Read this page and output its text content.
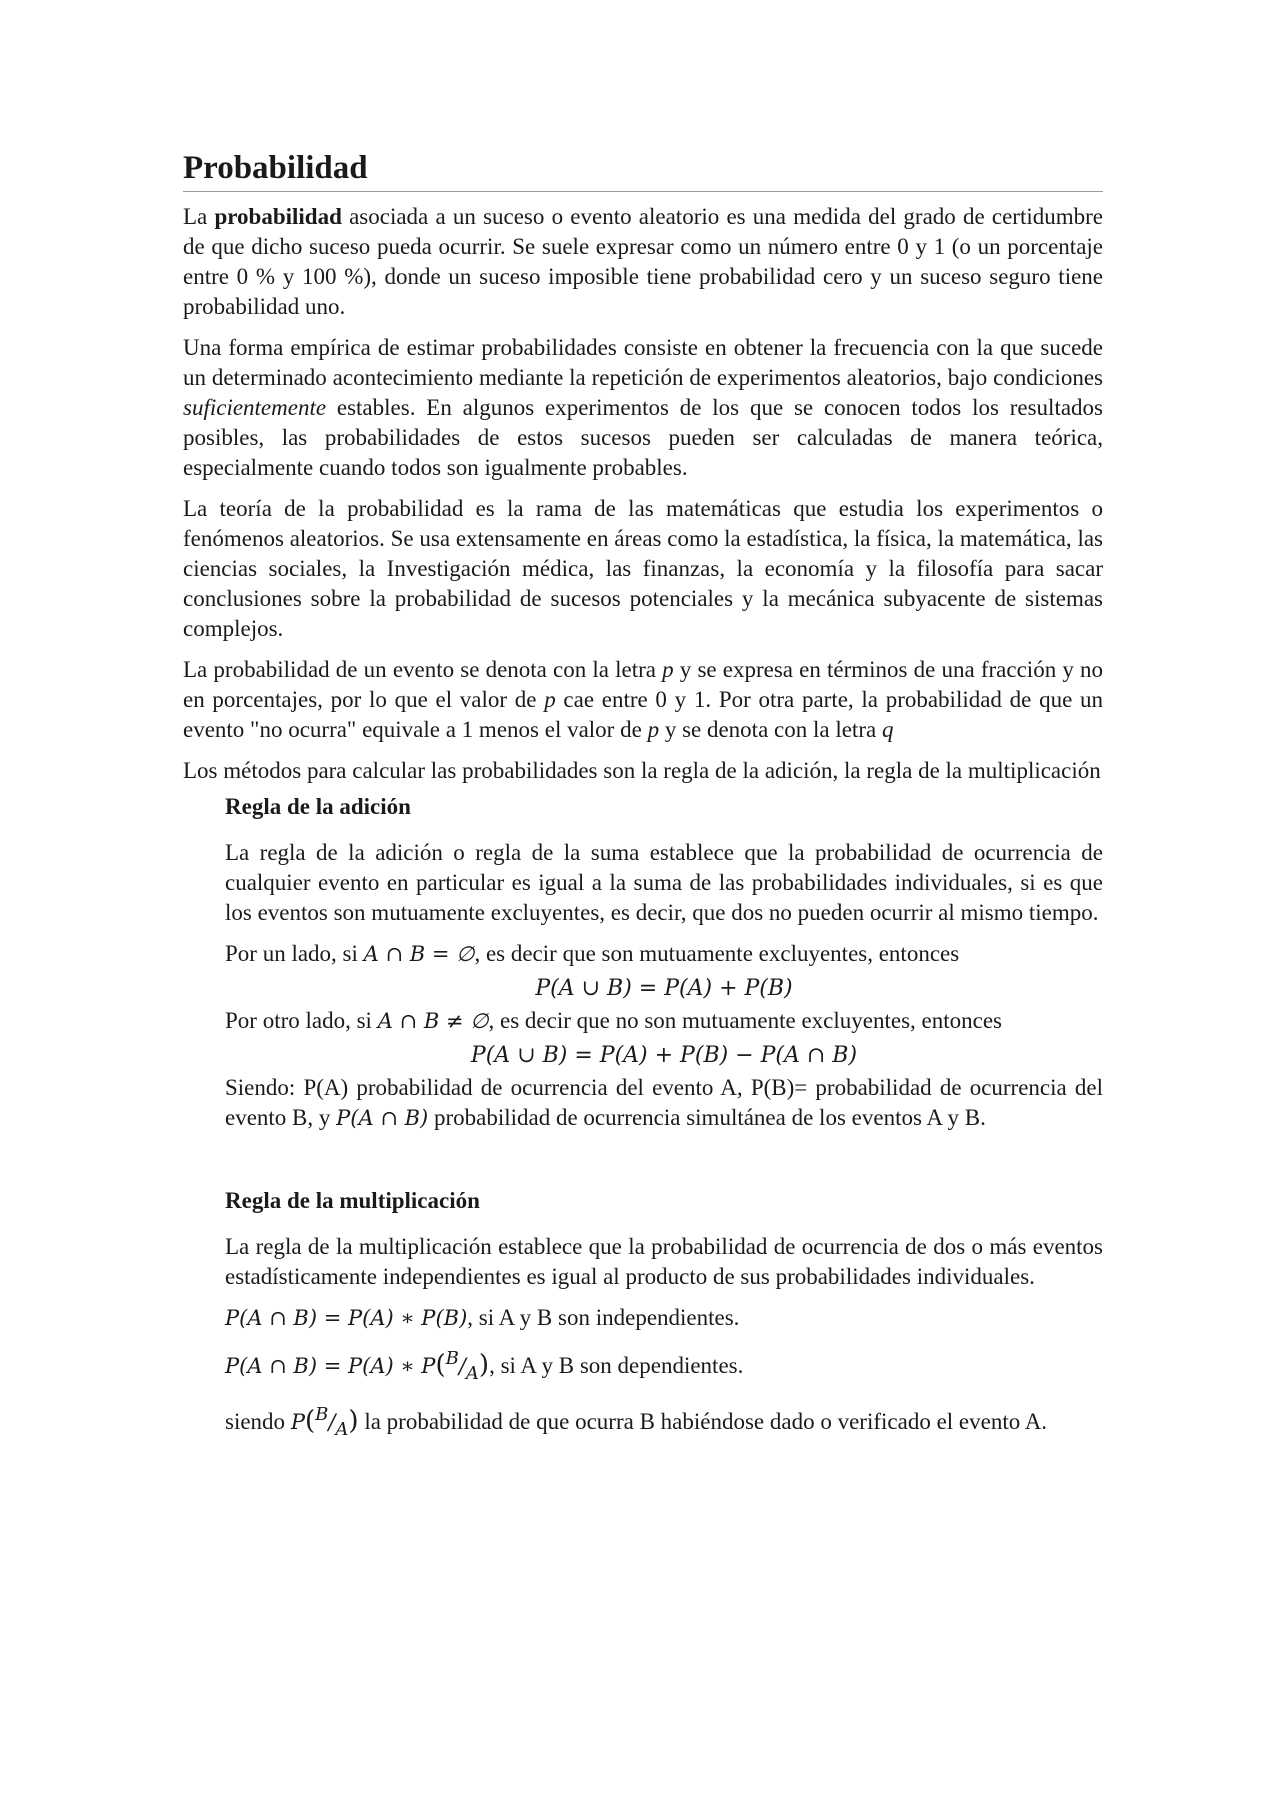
Probabilidad

La probabilidad asociada a un suceso o evento aleatorio es una medida del grado de certidumbre de que dicho suceso pueda ocurrir. Se suele expresar como un número entre 0 y 1 (o un porcentaje entre 0 % y 100 %), donde un suceso imposible tiene probabilidad cero y un suceso seguro tiene probabilidad uno.

Una forma empírica de estimar probabilidades consiste en obtener la frecuencia con la que sucede un determinado acontecimiento mediante la repetición de experimentos aleatorios, bajo condiciones suficientemente estables. En algunos experimentos de los que se conocen todos los resultados posibles, las probabilidades de estos sucesos pueden ser calculadas de manera teórica, especialmente cuando todos son igualmente probables.

La teoría de la probabilidad es la rama de las matemáticas que estudia los experimentos o fenómenos aleatorios. Se usa extensamente en áreas como la estadística, la física, la matemática, las ciencias sociales, la Investigación médica, las finanzas, la economía y la filosofía para sacar conclusiones sobre la probabilidad de sucesos potenciales y la mecánica subyacente de sistemas complejos.

La probabilidad de un evento se denota con la letra p y se expresa en términos de una fracción y no en porcentajes, por lo que el valor de p cae entre 0 y 1. Por otra parte, la probabilidad de que un evento "no ocurra" equivale a 1 menos el valor de p y se denota con la letra q

Los métodos para calcular las probabilidades son la regla de la adición, la regla de la multiplicación

Regla de la adición

La regla de la adición o regla de la suma establece que la probabilidad de ocurrencia de cualquier evento en particular es igual a la suma de las probabilidades individuales, si es que los eventos son mutuamente excluyentes, es decir, que dos no pueden ocurrir al mismo tiempo.

Por un lado, si A ∩ B = ∅, es decir que son mutuamente excluyentes, entonces

P(A ∪ B) = P(A) + P(B)

Por otro lado, si A ∩ B ≠ ∅, es decir que no son mutuamente excluyentes, entonces

P(A ∪ B) = P(A) + P(B) − P(A ∩ B)

Siendo: P(A) probabilidad de ocurrencia del evento A, P(B)= probabilidad de ocurrencia del evento B, y P(A ∩ B) probabilidad de ocurrencia simultánea de los eventos A y B.

Regla de la multiplicación

La regla de la multiplicación establece que la probabilidad de ocurrencia de dos o más eventos estadísticamente independientes es igual al producto de sus probabilidades individuales.

P(A ∩ B) = P(A) ∗ P(B), si A y B son independientes.

P(A ∩ B) = P(A) ∗ $P(^B/_A)$, si A y B son dependientes.

siendo $P(^B/_A)$ la probabilidad de que ocurra B habiéndose dado o verificado el evento A.
